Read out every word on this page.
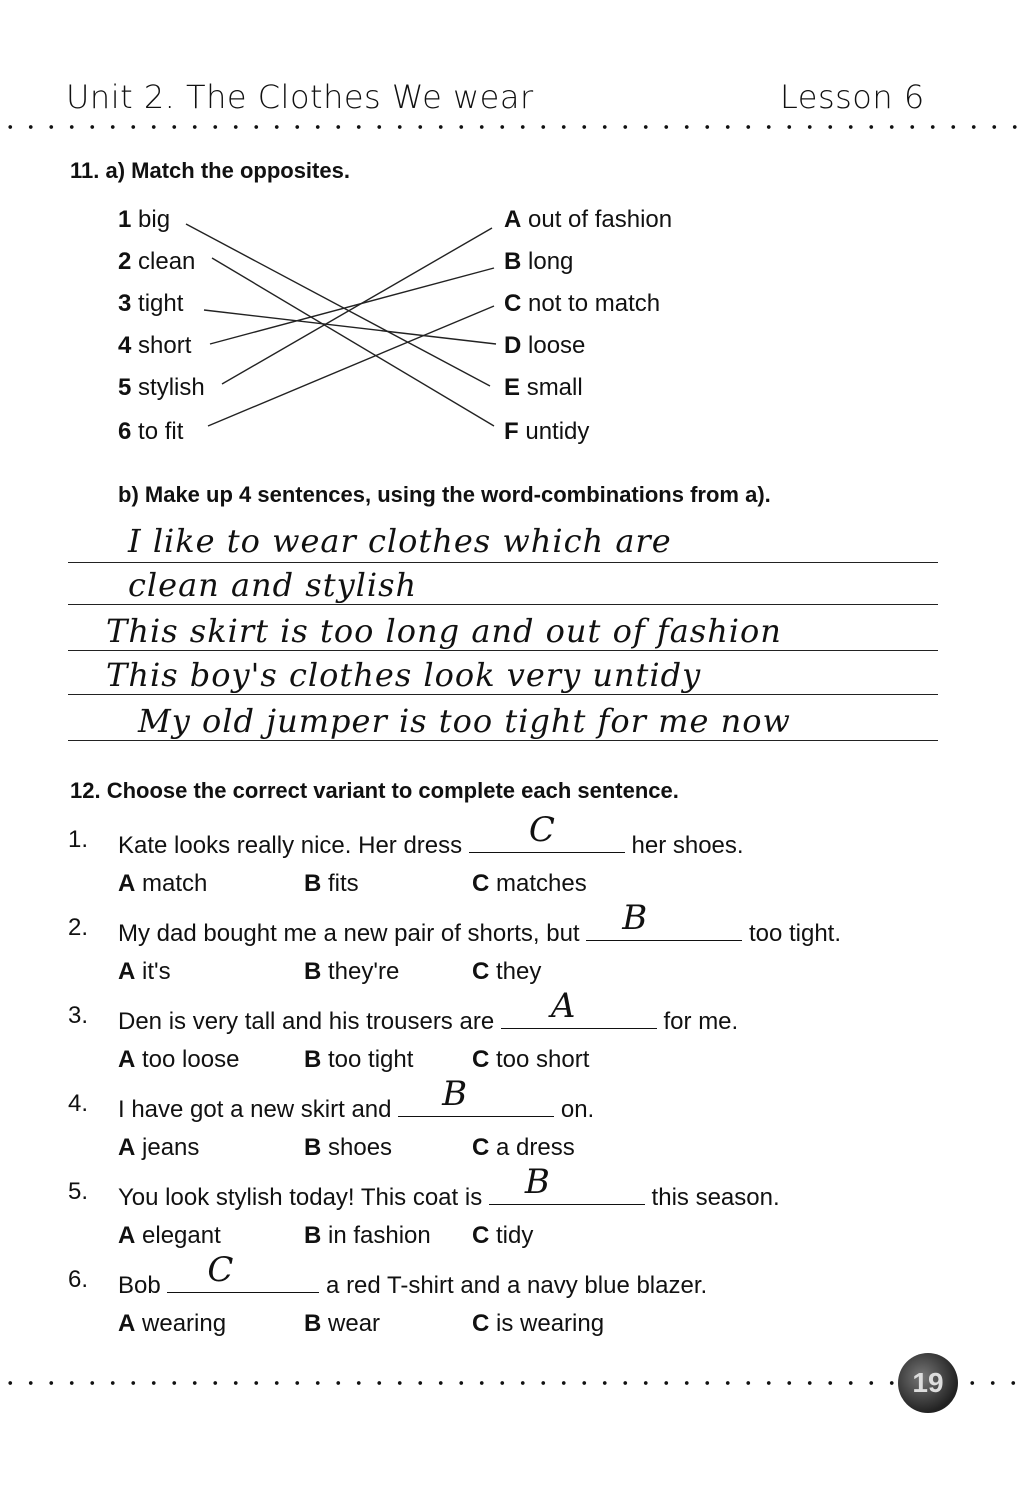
Unit 2. The Clothes We wear	Lesson 6
11. a) Match the opposites.
1 big
2 clean
3 tight
4 short
5 stylish
6 to fit
A out of fashion
B long
C not to match
D loose
E small
F untidy
b) Make up 4 sentences, using the word-combinations from a).
I like to wear clothes which are
clean and stylish
This skirt is too long and out of fashion
This boy's clothes look very untidy
My old jumper is too tight for me now
12. Choose the correct variant to complete each sentence.
1. Kate looks really nice. Her dress C	her shoes.
A match	B fits	C matches
2. My dad bought me a new pair of shorts, but B	too tight.
A it's	B they're	C they
3. Den is very tall and his trousers are A	for me.
A too loose	B too tight C too short
4. I have got a new skirt and B	on.
A jeans	B shoes	C a dress
5. You look stylish today! This coat is B	this season.
A elegant	B in fashion C tidy
6. Bob C	a red T-shirt and a navy blue blazer.
A wearing	B wear	C is wearing
19
